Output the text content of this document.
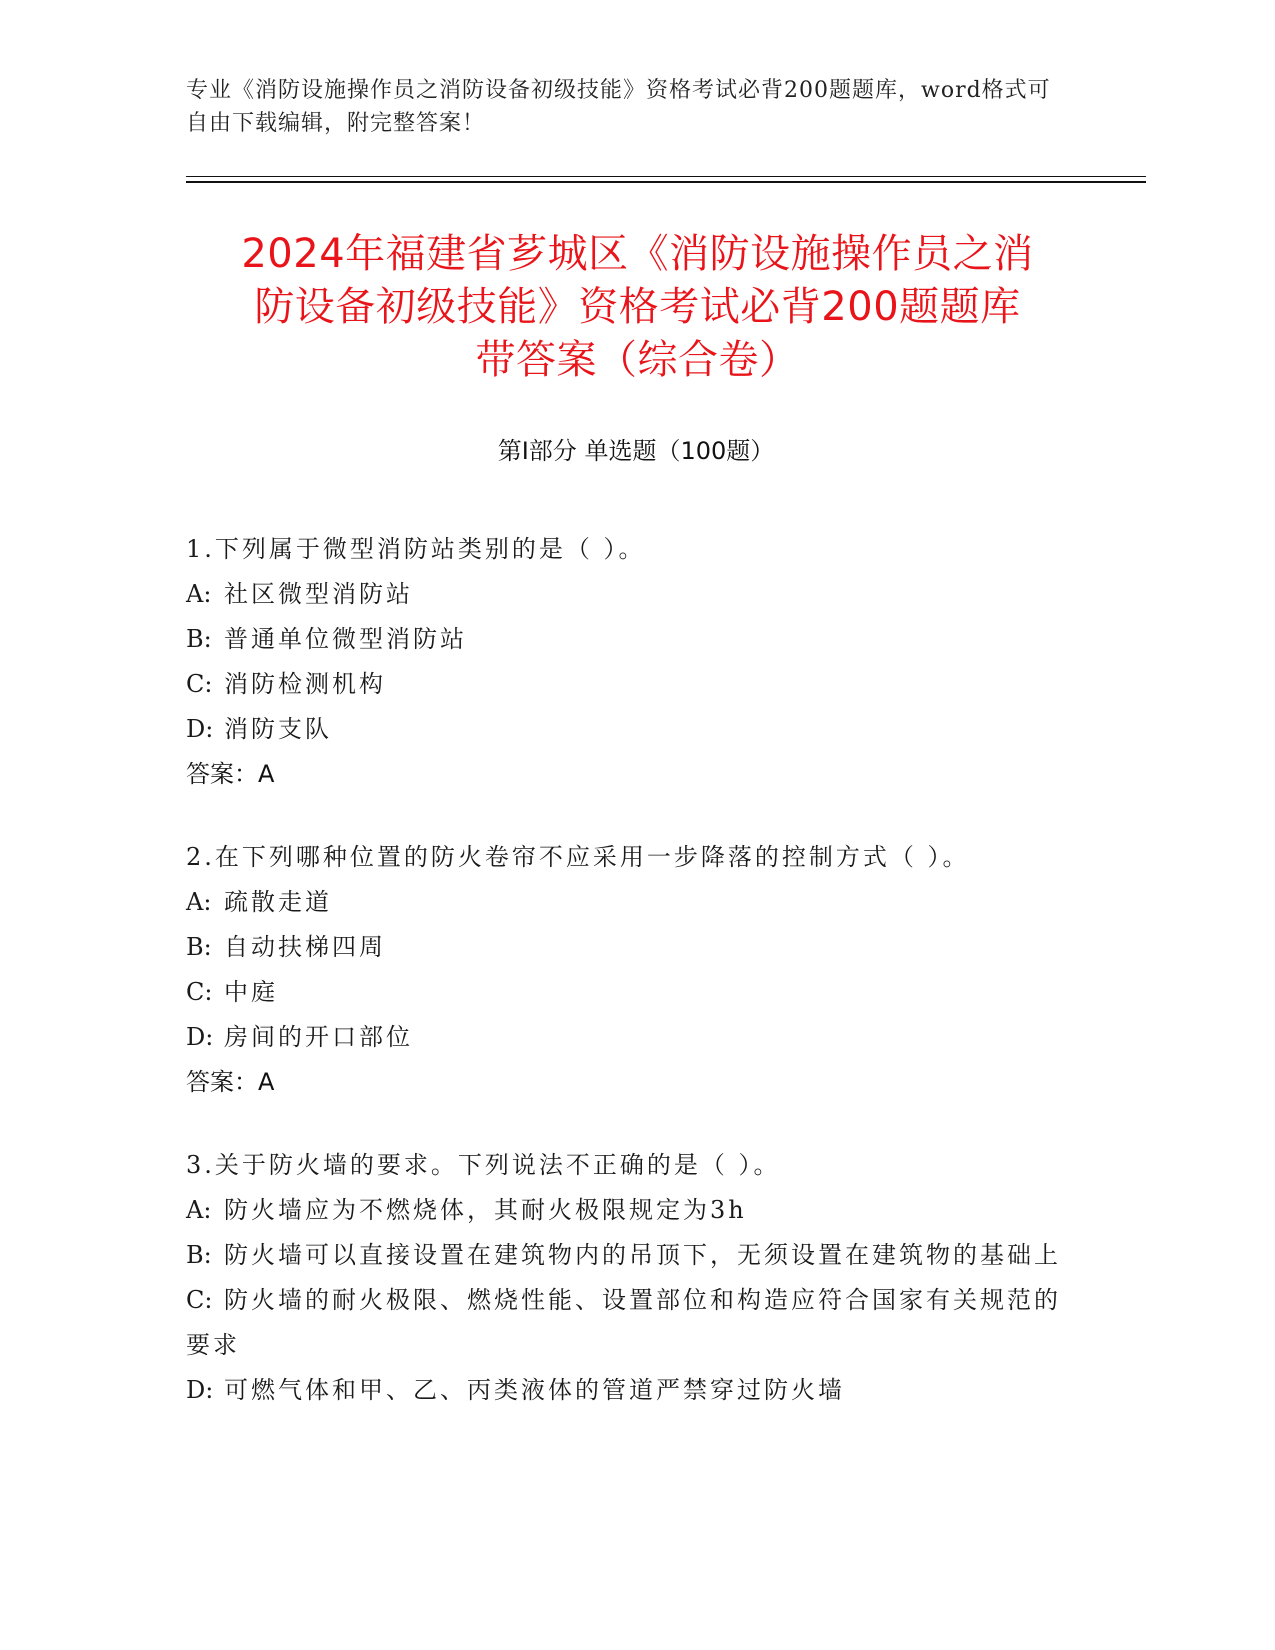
专业《消防设施操作员之消防设备初级技能》资格考试必背200题题库，word格式可自由下载编辑，附完整答案！
2024年福建省芗城区《消防设施操作员之消
防设备初级技能》资格考试必背200题题库
带答案（综合卷）
第Ⅰ部分 单选题（100题）
1.下列属于微型消防站类别的是（ ）。
A: 社区微型消防站
B: 普通单位微型消防站
C: 消防检测机构
D: 消防支队
答案：A
2.在下列哪种位置的防火卷帘不应采用一步降落的控制方式（ ）。
A: 疏散走道
B: 自动扶梯四周
C: 中庭
D: 房间的开口部位
答案：A
3.关于防火墙的要求。下列说法不正确的是（ ）。
A: 防火墙应为不燃烧体，其耐火极限规定为3h
B: 防火墙可以直接设置在建筑物内的吊顶下，无须设置在建筑物的基础上
C: 防火墙的耐火极限、燃烧性能、设置部位和构造应符合国家有关规范的要求
D: 可燃气体和甲、乙、丙类液体的管道严禁穿过防火墙
